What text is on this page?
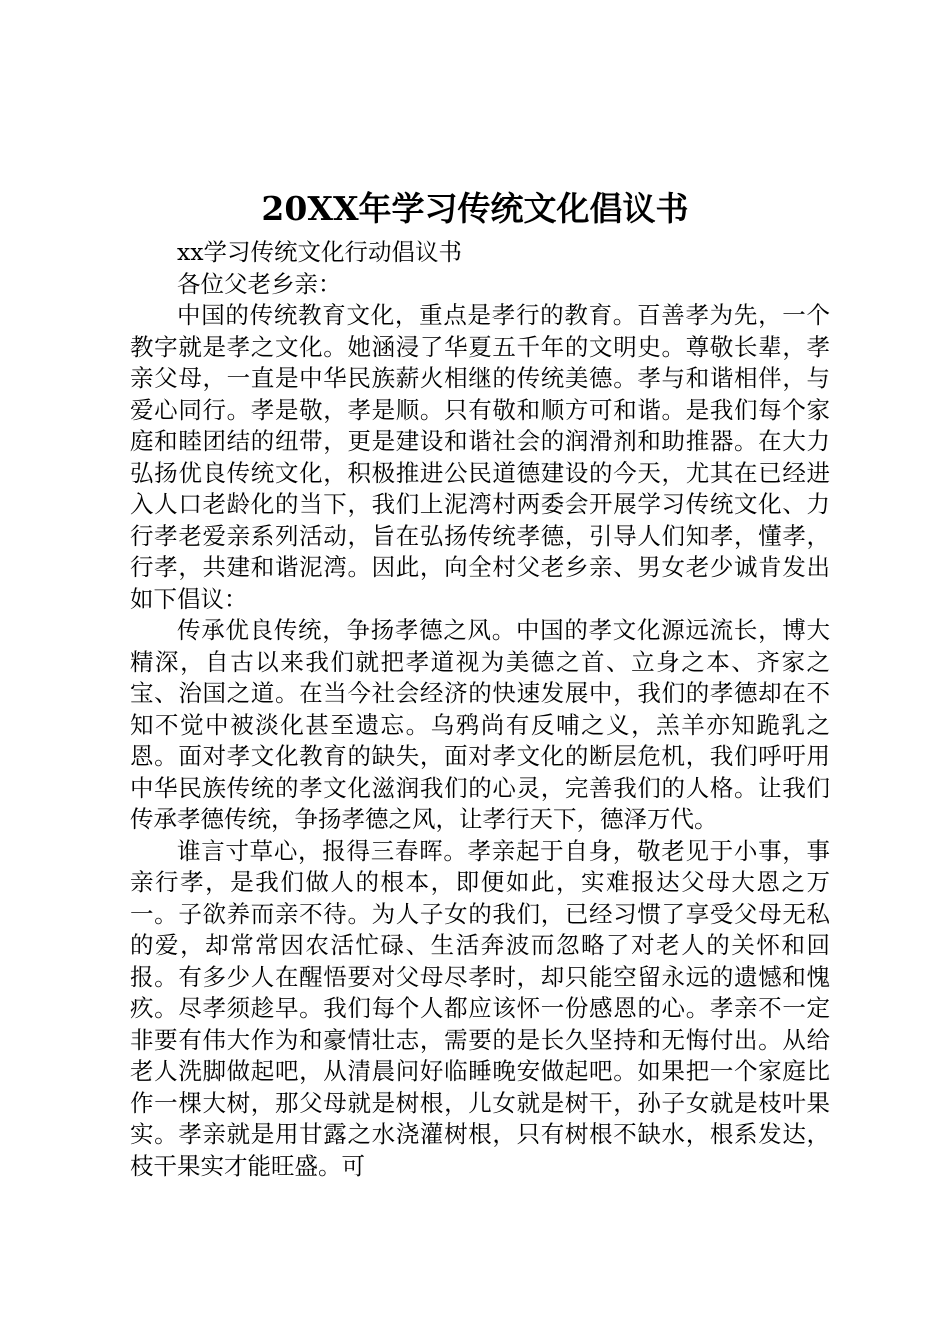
20XX年学习传统文化倡议书

xx学习传统文化行动倡议书

各位父老乡亲：

中国的传统教育文化，重点是孝行的教育。百善孝为先，一个教字就是孝之文化。她涵浸了华夏五千年的文明史。尊敬长辈，孝亲父母，一直是中华民族薪火相继的传统美德。孝与和谐相伴，与爱心同行。孝是敬，孝是顺。只有敬和顺方可和谐。是我们每个家庭和睦团结的纽带，更是建设和谐社会的润滑剂和助推器。在大力弘扬优良传统文化，积极推进公民道德建设的今天，尤其在已经进入人口老龄化的当下，我们上泥湾村两委会开展学习传统文化、力行孝老爱亲系列活动，旨在弘扬传统孝德，引导人们知孝，懂孝，行孝，共建和谐泥湾。因此，向全村父老乡亲、男女老少诚肯发出如下倡议：

传承优良传统，争扬孝德之风。中国的孝文化源远流长，博大精深，自古以来我们就把孝道视为美德之首、立身之本、齐家之宝、治国之道。在当今社会经济的快速发展中，我们的孝德却在不知不觉中被淡化甚至遗忘。乌鸦尚有反哺之义，羔羊亦知跪乳之恩。面对孝文化教育的缺失，面对孝文化的断层危机，我们呼吁用中华民族传统的孝文化滋润我们的心灵，完善我们的人格。让我们传承孝德传统，争扬孝德之风，让孝行天下，德泽万代。

谁言寸草心，报得三春晖。孝亲起于自身，敬老见于小事，事亲行孝，是我们做人的根本，即便如此，实难报达父母大恩之万一。子欲养而亲不待。为人子女的我们，已经习惯了享受父母无私的爱，却常常因农活忙碌、生活奔波而忽略了对老人的关怀和回报。有多少人在醒悟要对父母尽孝时，却只能空留永远的遗憾和愧疚。尽孝须趁早。我们每个人都应该怀一份感恩的心。孝亲不一定非要有伟大作为和豪情壮志，需要的是长久坚持和无悔付出。从给老人洗脚做起吧，从清晨问好临睡晚安做起吧。如果把一个家庭比作一棵大树，那父母就是树根，儿女就是树干，孙子女就是枝叶果实。孝亲就是用甘露之水浇灌树根，只有树根不缺水，根系发达，枝干果实才能旺盛。可
